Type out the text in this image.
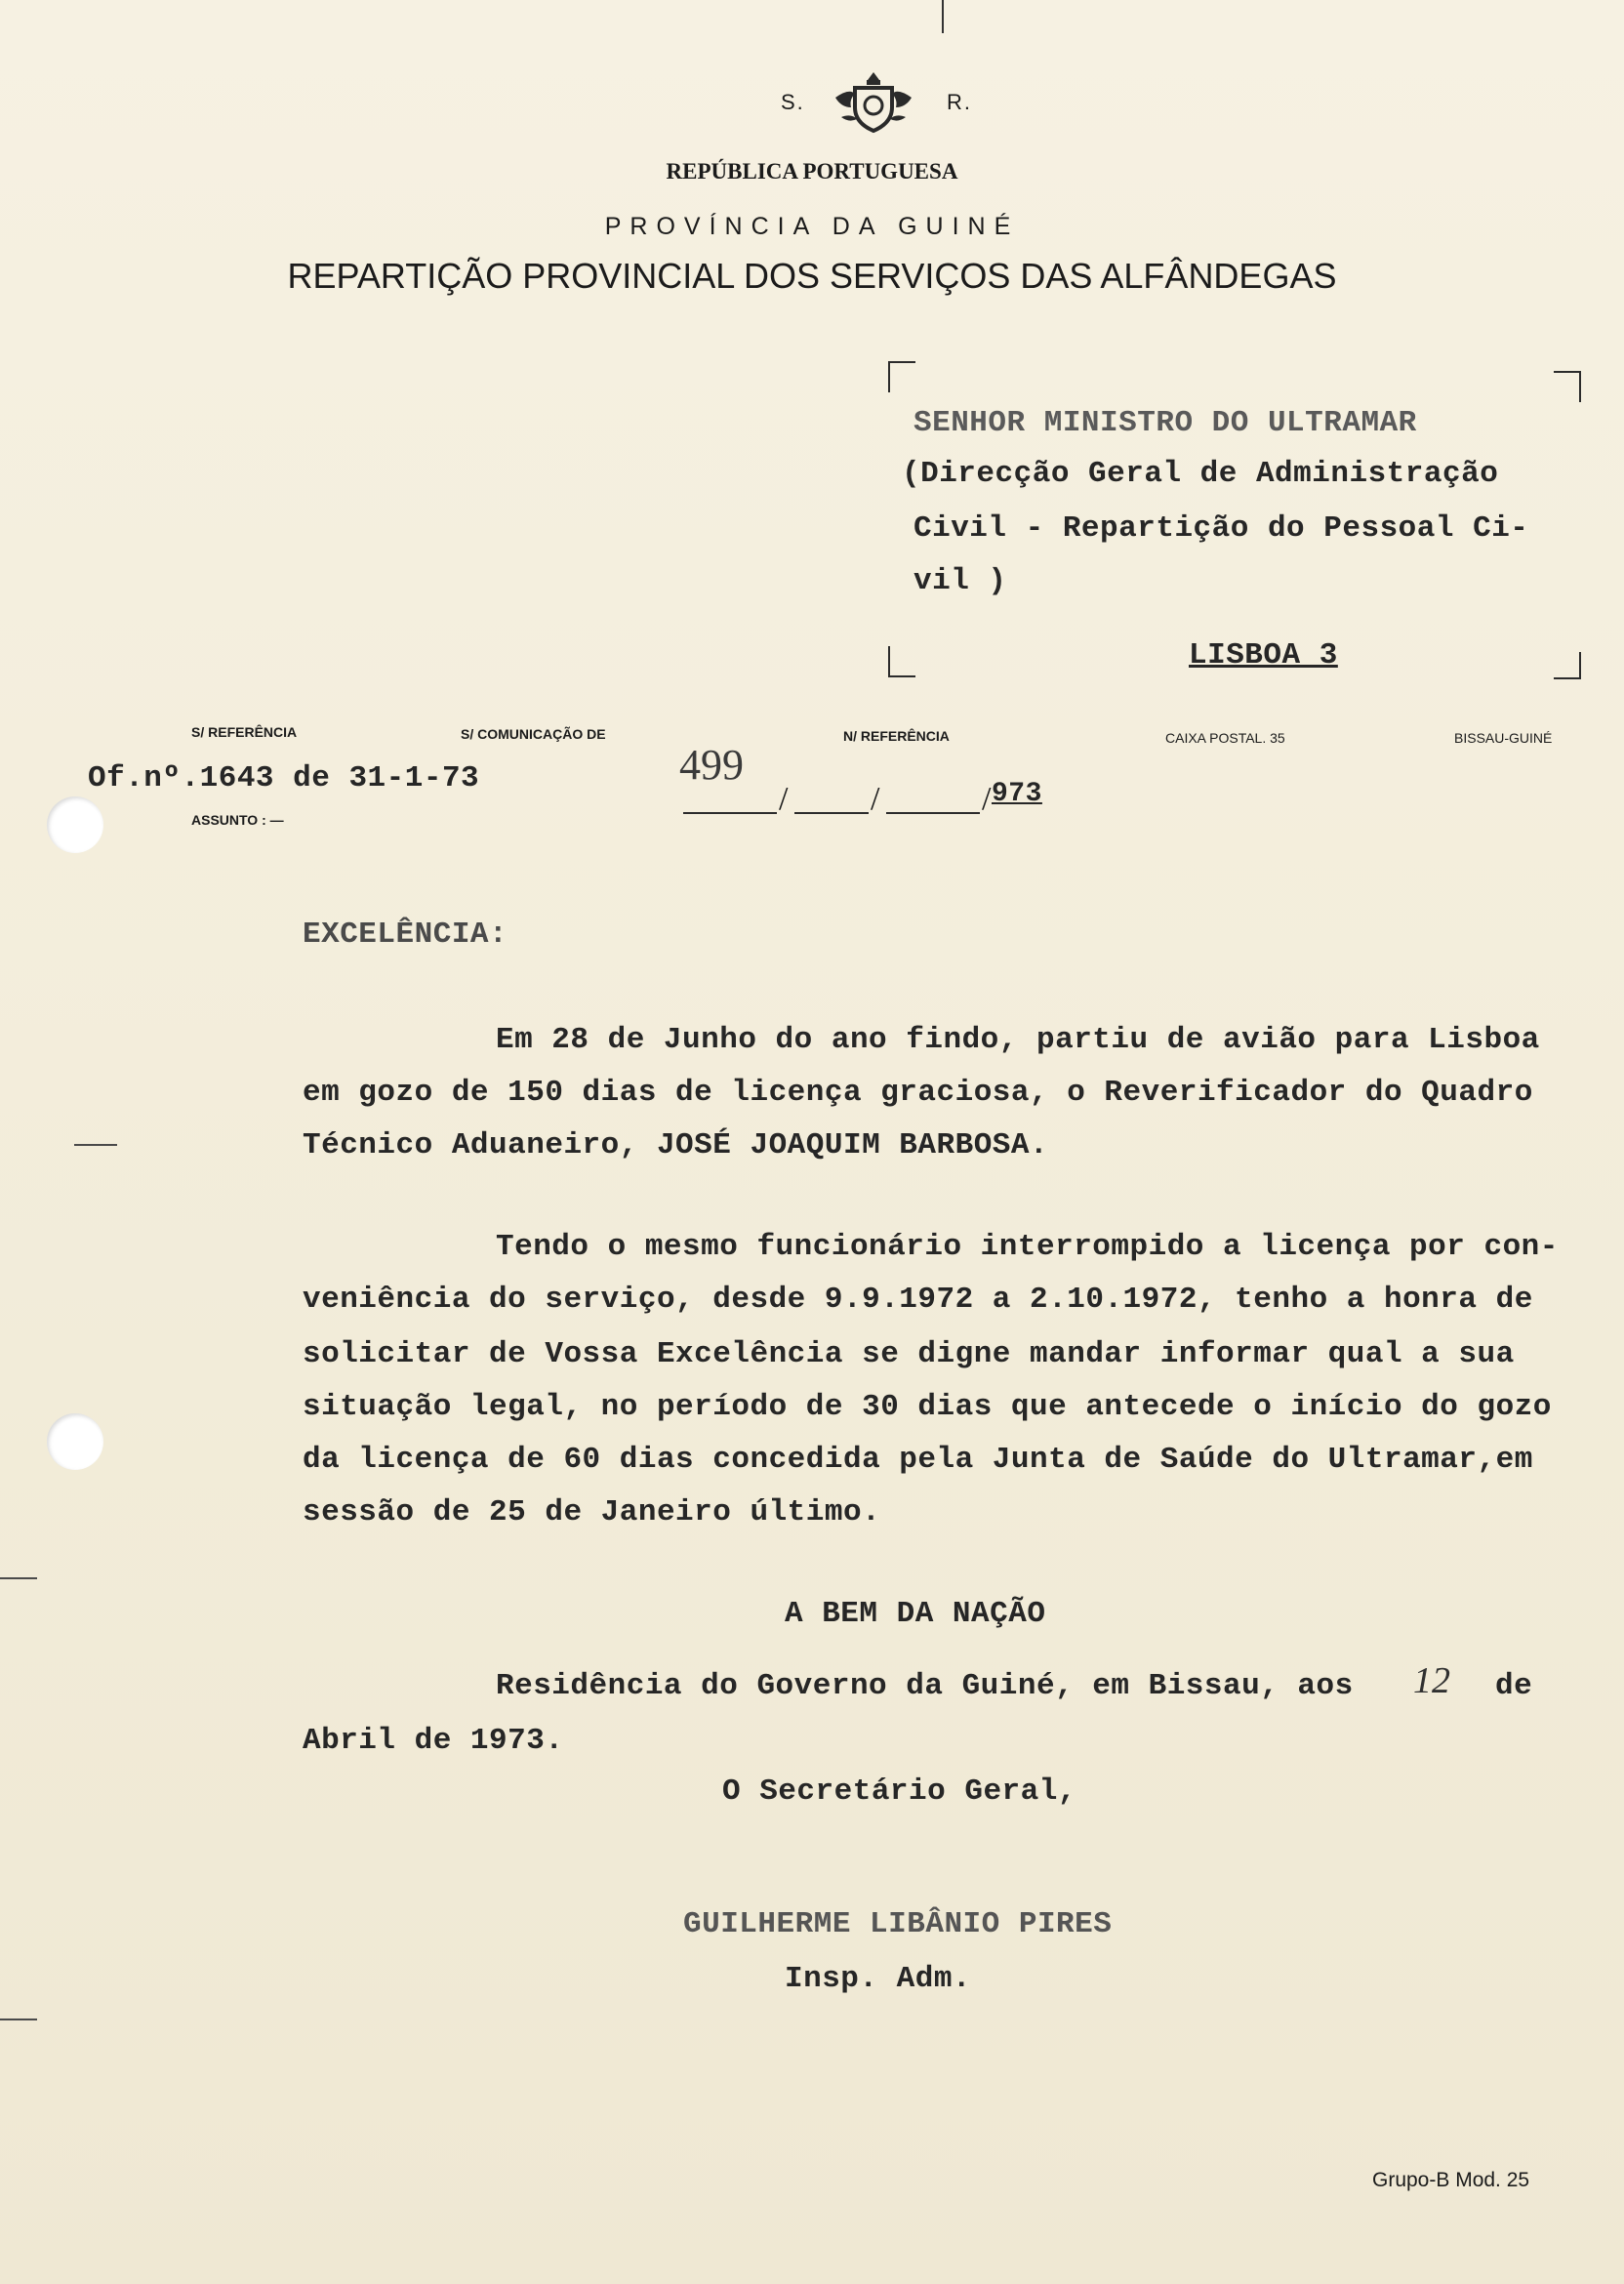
S.	R.
REPÚBLICA PORTUGUESA
PROVÍNCIA DA GUINÉ
REPARTIÇÃO PROVINCIAL DOS SERVIÇOS DAS ALFÂNDEGAS
SENHOR MINISTRO DO ULTRAMAR
(Direcção Geral de Administração
Civil - Repartição do Pessoal Ci-
vil )
LISBOA 3
S/ REFERÊNCIA	S/ COMUNICAÇÃO DE	N/ REFERÊNCIA	CAIXA POSTAL. 35	BISSAU-GUINÉ
Of.nº.1643 de 31-1-73
ASSUNTO : —
499
/ /	/ 973
EXCELÊNCIA:
Em 28 de Junho do ano findo, partiu de avião para Lisboa
em gozo de 150 dias de licença graciosa, o Reverificador do Quadro
Técnico Aduaneiro, JOSÉ JOAQUIM BARBOSA.
Tendo o mesmo funcionário interrompido a licença por con-
veniência do serviço, desde 9.9.1972 a 2.10.1972, tenho a honra de
solicitar de Vossa Excelência se digne mandar informar qual a sua
situação legal, no período de 30 dias que antecede o início do gozo
da licença de 60 dias concedida pela Junta de Saúde do Ultramar,em
sessão de 25 de Janeiro último.
A BEM DA NAÇÃO
Residência do Governo da Guiné, em Bissau, aos 12 de
Abril de 1973.
O Secretário Geral,
GUILHERME LIBÂNIO PIRES
Insp. Adm.
Grupo-B Mod. 25
